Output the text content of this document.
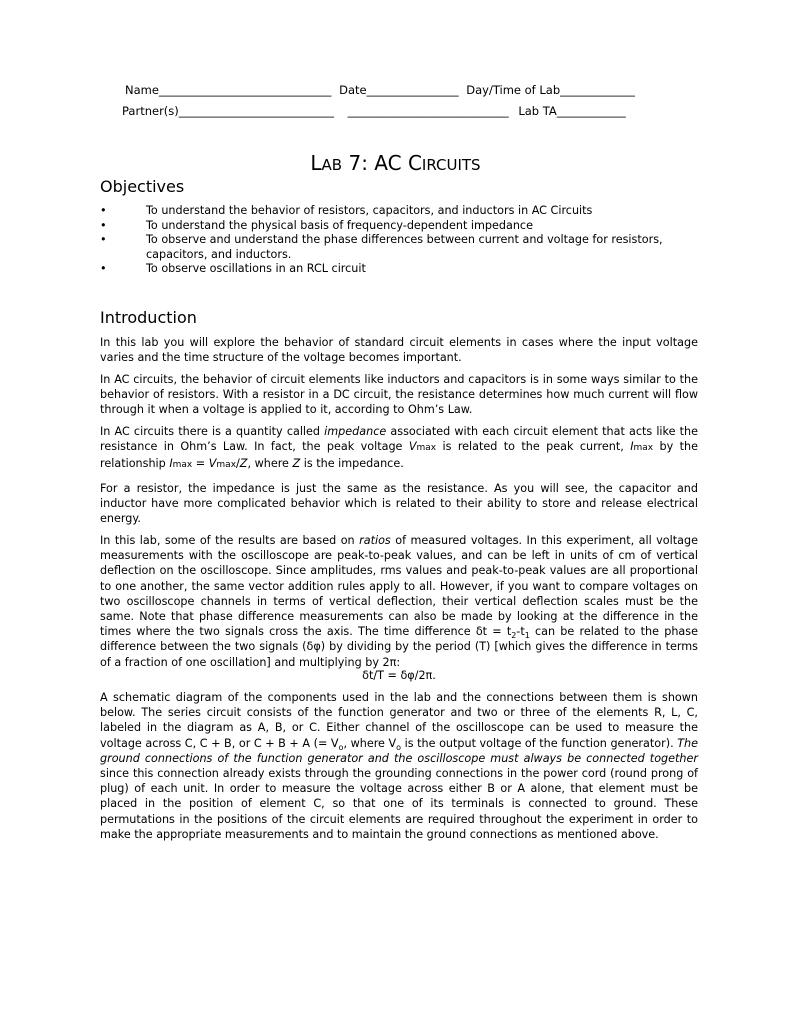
Name______________________________ Date________________ Day/Time of Lab_____________
Partner(s)___________________________ ____________________________ Lab TA____________
LAB 7: AC CIRCUITS
Objectives
•	To understand the behavior of resistors, capacitors, and inductors in AC Circuits
•	To understand the physical basis of frequency-dependent impedance
•	To observe and understand the phase differences between current and voltage for resistors, capacitors, and inductors.
•	To observe oscillations in an RCL circuit
Introduction

In this lab you will explore the behavior of standard circuit elements in cases where the input voltage varies and the time structure of the voltage becomes important.

In AC circuits, the behavior of circuit elements like inductors and capacitors is in some ways similar to the behavior of resistors. With a resistor in a DC circuit, the resistance determines how much current will flow through it when a voltage is applied to it, according to Ohm’s Law.

In AC circuits there is a quantity called impedance associated with each circuit element that acts like the resistance in Ohm’s Law. In fact, the peak voltage Vmax is related to the peak current, Imax by the relationship Imax = Vmax/Z, where Z is the impedance.

For a resistor, the impedance is just the same as the resistance. As you will see, the capacitor and inductor have more complicated behavior which is related to their ability to store and release electrical energy.

In this lab, some of the results are based on ratios of measured voltages. In this experiment, all voltage measurements with the oscilloscope are peak-to-peak values, and can be left in units of cm of vertical deflection on the oscilloscope. Since amplitudes, rms values and peak-to-peak values are all proportional to one another, the same vector addition rules apply to all. However, if you want to compare voltages on two oscilloscope channels in terms of vertical deflection, their vertical deflection scales must be the same. Note that phase difference measurements can also be made by looking at the difference in the times where the two signals cross the axis. The time difference $\delta t = t_2-t_1$ can be related to the phase difference between the two signals (δφ) by dividing by the period (T) [which gives the difference in terms of a fraction of one oscillation] and multiplying by 2π:

δt/T = δφ/2π.

A schematic diagram of the components used in the lab and the connections between them is shown below. The series circuit consists of the function generator and two or three of the elements R, L, C, labeled in the diagram as A, B, or C. Either channel of the oscilloscope can be used to measure the voltage across C, C + B, or C + B + A (= $V_o$, where $V_o$ is the output voltage of the function generator). The ground connections of the function generator and the oscilloscope must always be connected together since this connection already exists through the grounding connections in the power cord (round prong of plug) of each unit. In order to measure the voltage across either B or A alone, that element must be placed in the position of element C, so that one of its terminals is connected to ground. These permutations in the positions of the circuit elements are required throughout the experiment in order to make the appropriate measurements and to maintain the ground connections as mentioned above.
